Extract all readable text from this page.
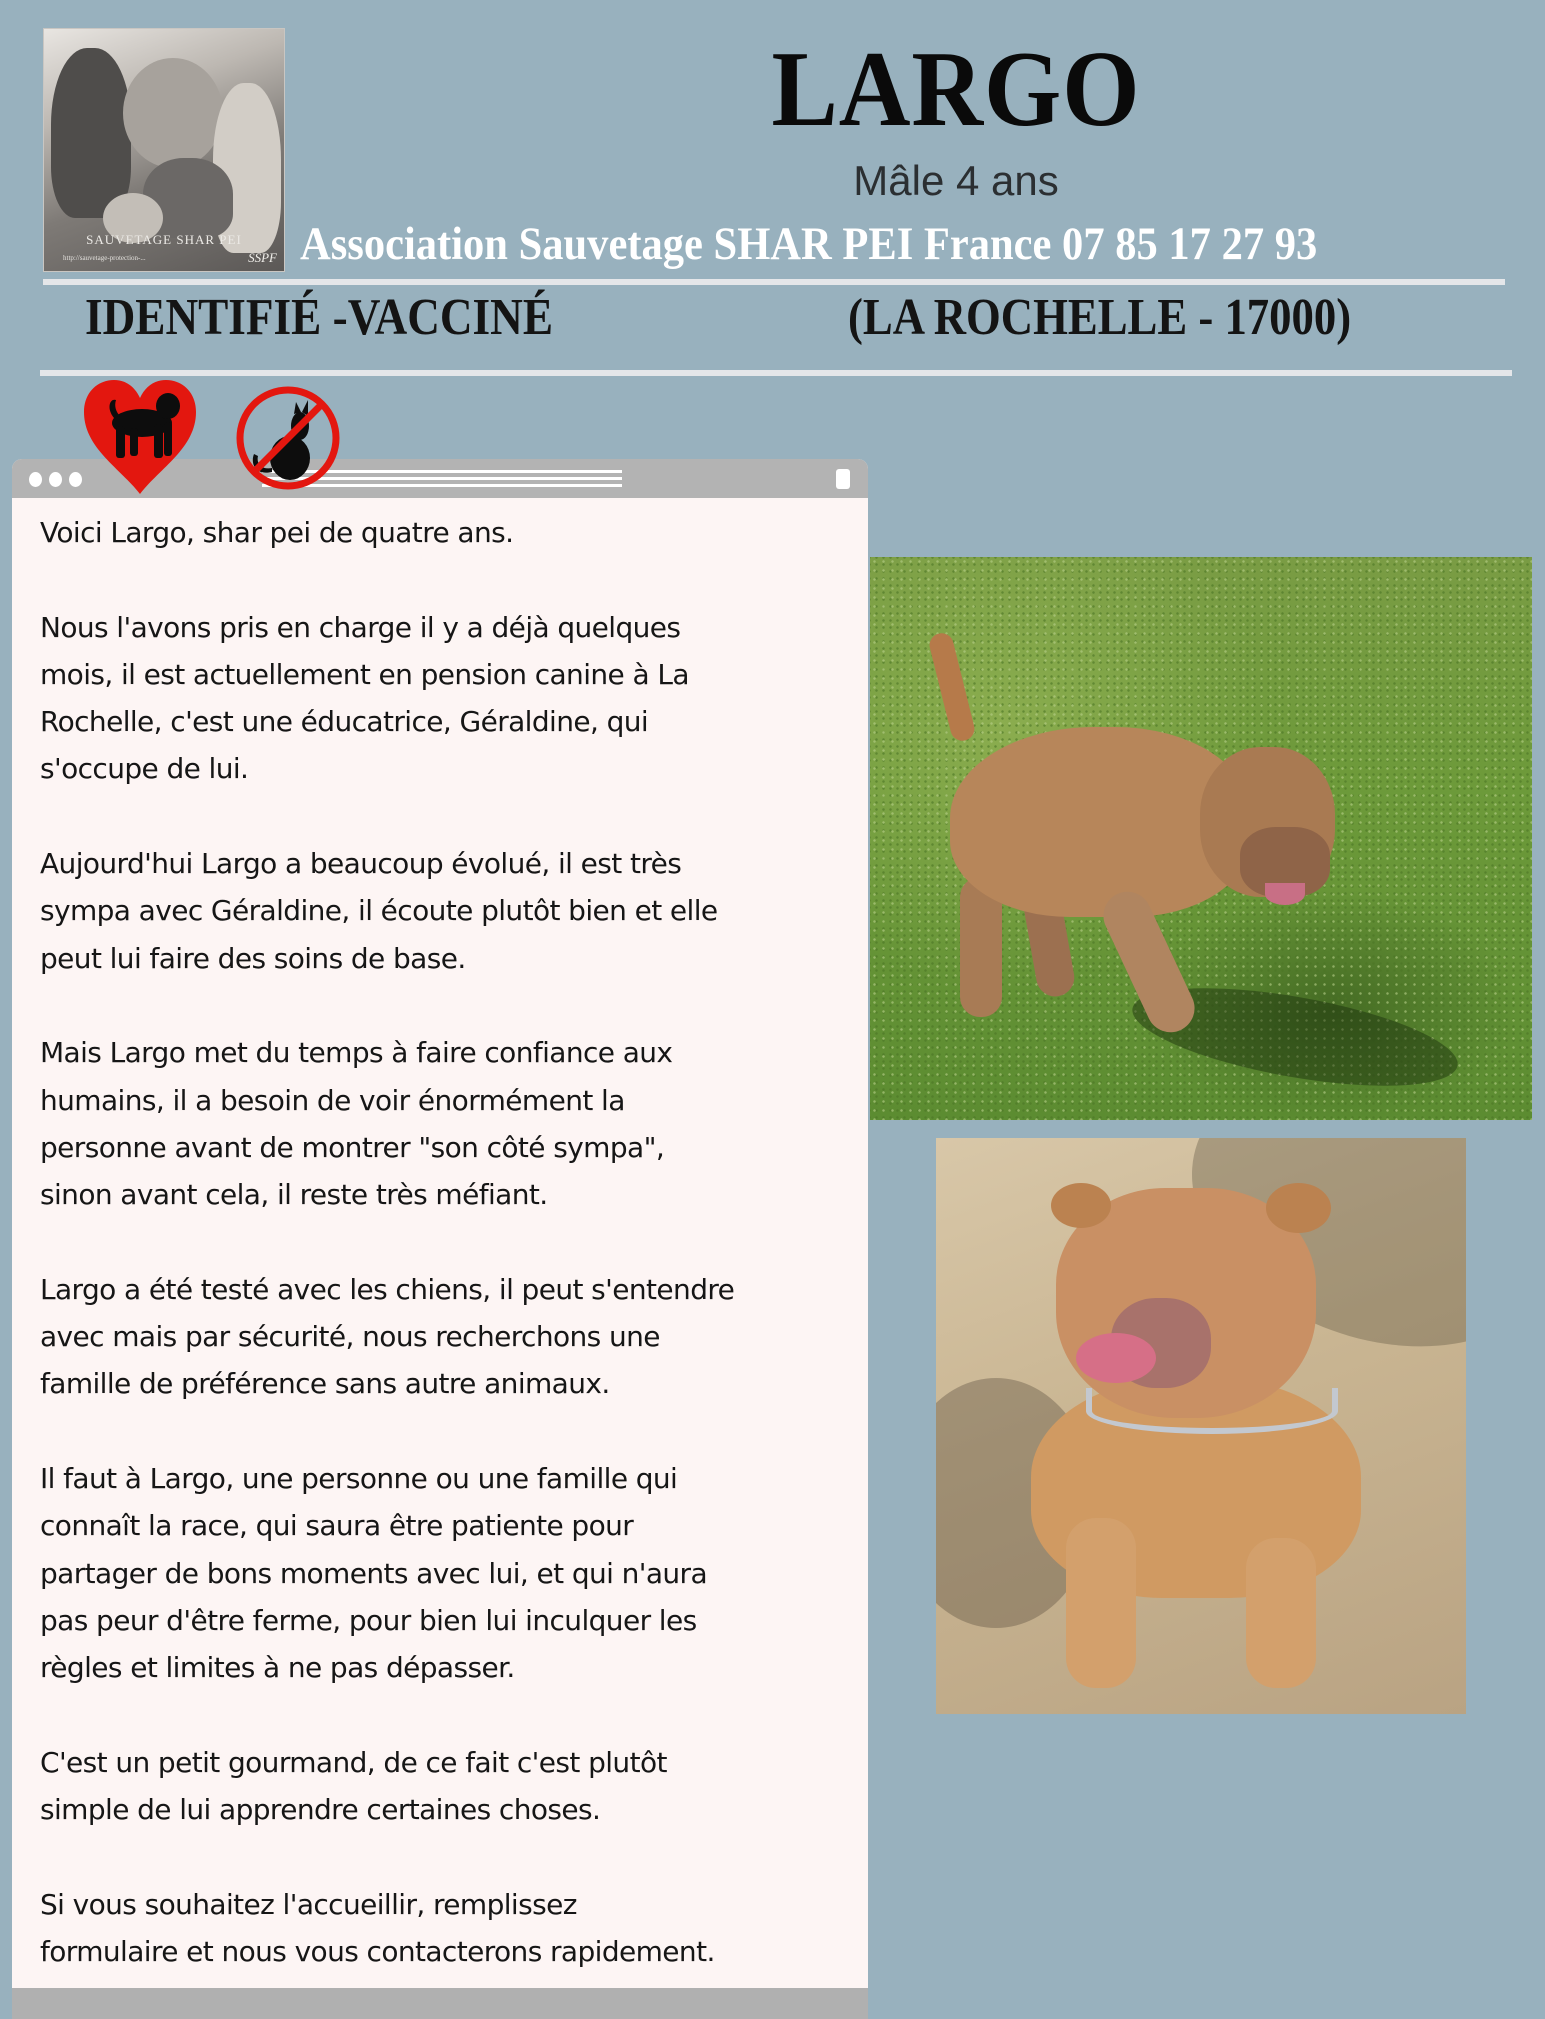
SAUVETAGE SHAR PEI
http://sauvetage-protection-...	SSPF
LARGO
Mâle 4 ans
Association Sauvetage SHAR PEI France 07 85 17 27 93
IDENTIFIÉ -VACCINÉ	(LA ROCHELLE - 17000)

Voici Largo, shar pei de quatre ans.

Nous l'avons pris en charge il y a déjà quelques
mois, il est actuellement en pension canine à La
Rochelle, c'est une éducatrice, Géraldine, qui
s'occupe de lui.

Aujourd'hui Largo a beaucoup évolué, il est très
sympa avec Géraldine, il écoute plutôt bien et elle
peut lui faire des soins de base.

Mais Largo met du temps à faire confiance aux
humains, il a besoin de voir énormément la
personne avant de montrer "son côté sympa",
sinon avant cela, il reste très méfiant.

Largo a été testé avec les chiens, il peut s'entendre
avec mais par sécurité, nous recherchons une
famille de préférence sans autre animaux.

Il faut à Largo, une personne ou une famille qui
connaît la race, qui saura être patiente pour
partager de bons moments avec lui, et qui n'aura
pas peur d'être ferme, pour bien lui inculquer les
règles et limites à ne pas dépasser.

C'est un petit gourmand, de ce fait c'est plutôt
simple de lui apprendre certaines choses.

Si vous souhaitez l'accueillir, remplissez
formulaire et nous vous contacterons rapidement.
